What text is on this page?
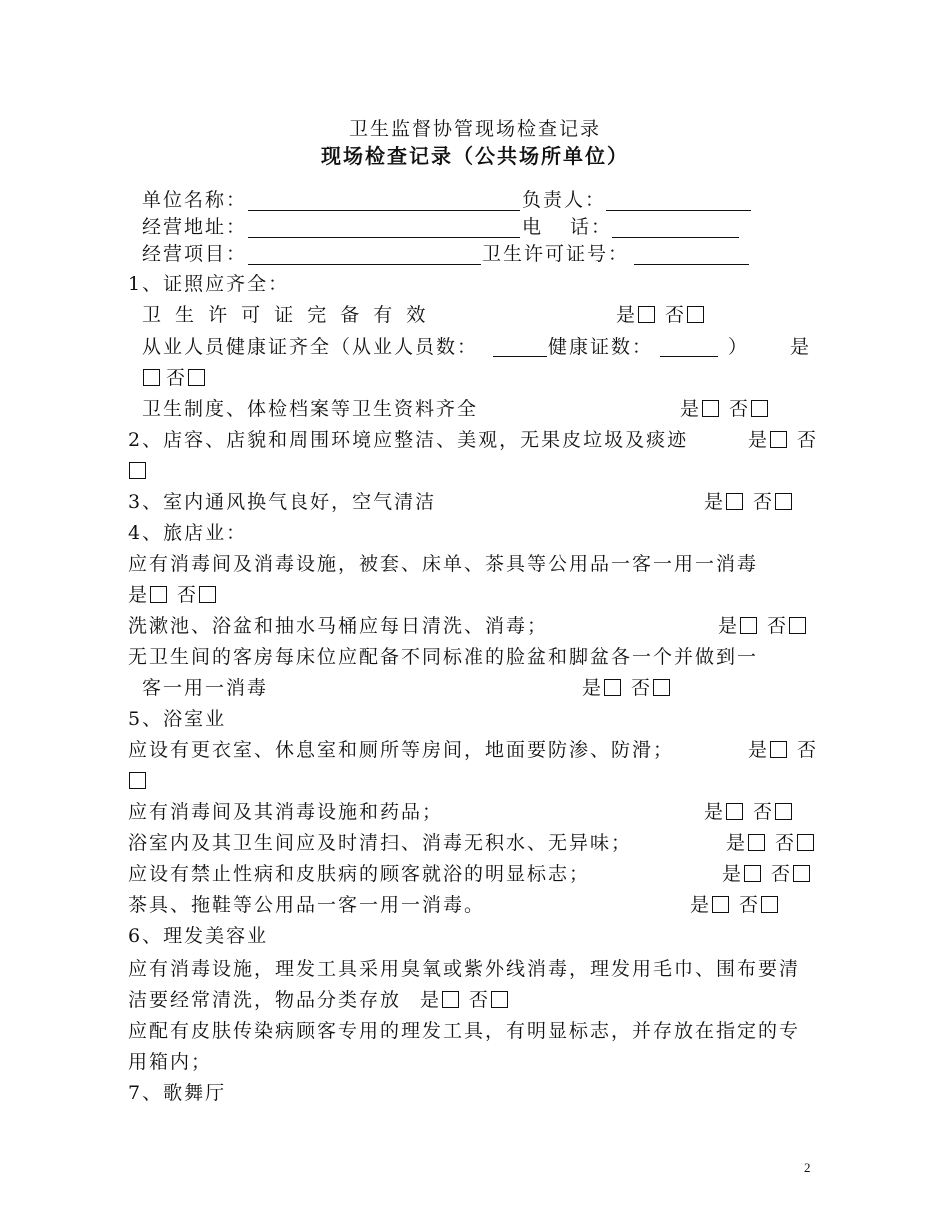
卫生监督协管现场检查记录
现场检查记录（公共场所单位）
单位名称：	负责人：
经营地址：	电 话：
经营项目：	卫生许可证号：
1、证照应齐全：
卫 生 许 可 证 完 备 有 效	是 否
从业人员健康证齐全（从业人员数：	健康证数：	） 是
否
卫生制度、体检档案等卫生资料齐全	是 否
2、店容、店貌和周围环境应整洁、美观，无果皮垃圾及痰迹	是 否
3、室内通风换气良好，空气清洁	是 否
4、旅店业：
应有消毒间及消毒设施，被套、床单、茶具等公用品一客一用一消毒
是 否
洗漱池、浴盆和抽水马桶应每日清洗、消毒；	是 否
无卫生间的客房每床位应配备不同标准的脸盆和脚盆各一个并做到一
客一用一消毒	是 否
5、浴室业
应设有更衣室、休息室和厕所等房间，地面要防渗、防滑；	是 否
应有消毒间及其消毒设施和药品；	是 否
浴室内及其卫生间应及时清扫、消毒无积水、无异味；	是 否
应设有禁止性病和皮肤病的顾客就浴的明显标志；	是 否
茶具、拖鞋等公用品一客一用一消毒。	是 否
6、理发美容业
应有消毒设施，理发工具采用臭氧或紫外线消毒，理发用毛巾、围布要清
洁要经常清洗，物品分类存放 是 否
应配有皮肤传染病顾客专用的理发工具，有明显标志，并存放在指定的专
用箱内；
7、歌舞厅
2
